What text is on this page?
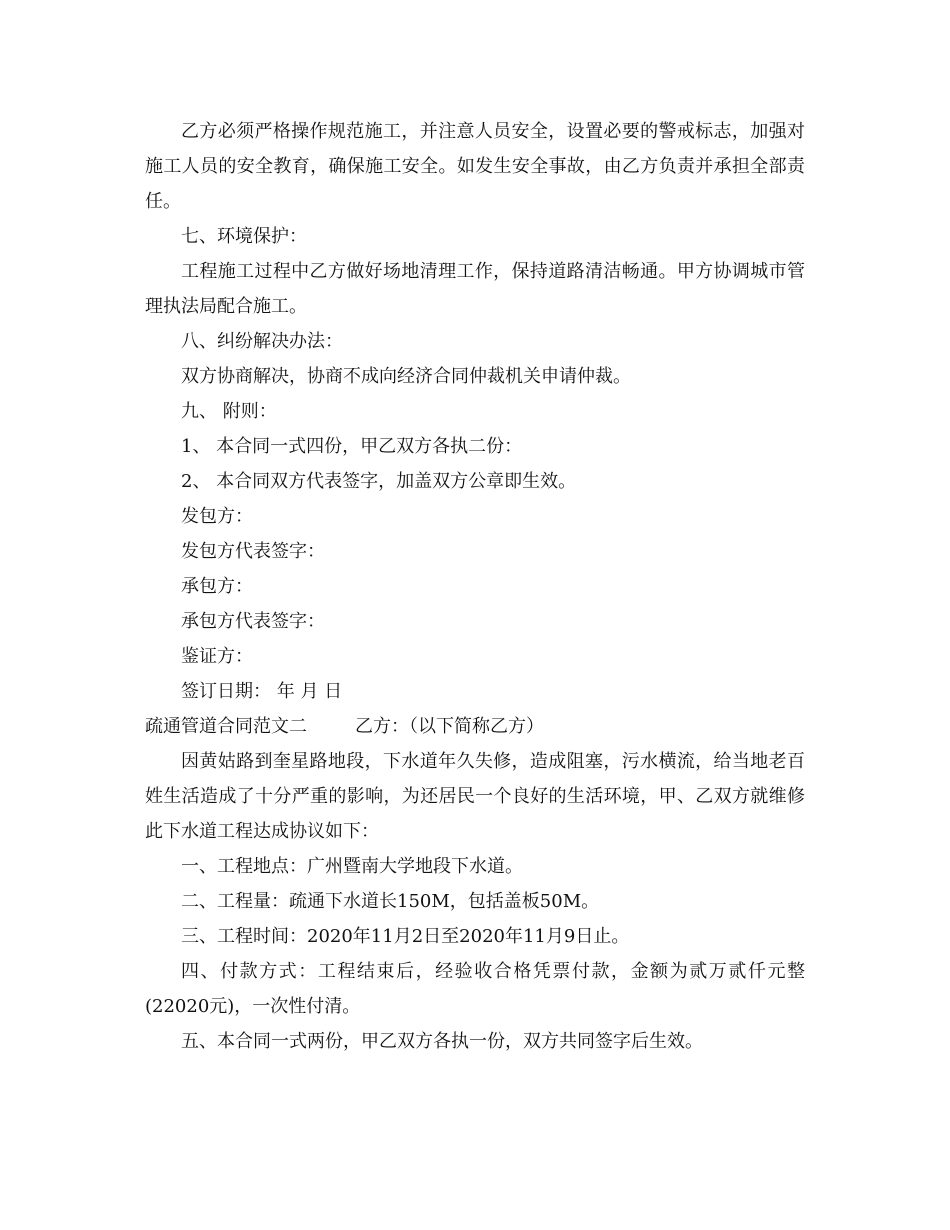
乙方必须严格操作规范施工，并注意人员安全，设置必要的警戒标志，加强对施工人员的安全教育，确保施工安全。如发生安全事故，由乙方负责并承担全部责任。

七、环境保护：

工程施工过程中乙方做好场地清理工作，保持道路清洁畅通。甲方协调城市管理执法局配合施工。

八、纠纷解决办法：

双方协商解决，协商不成向经济合同仲裁机关申请仲裁。

九、 附则：

1、 本合同一式四份，甲乙双方各执二份：

2、 本合同双方代表签字，加盖双方公章即生效。

发包方：

发包方代表签字：

承包方：

承包方代表签字：

鉴证方：

签订日期： 年 月 日

疏通管道合同范文二	乙方：（以下简称乙方）

因黄姑路到奎星路地段，下水道年久失修，造成阻塞，污水横流，给当地老百姓生活造成了十分严重的影响，为还居民一个良好的生活环境，甲、乙双方就维修此下水道工程达成协议如下：

一、工程地点：广州暨南大学地段下水道。

二、工程量：疏通下水道长150M，包括盖板50M。

三、工程时间：2020年11月2日至2020年11月9日止。

四、付款方式：工程结束后，经验收合格凭票付款，金额为贰万贰仟元整(22020元)，一次性付清。

五、本合同一式两份，甲乙双方各执一份，双方共同签字后生效。
